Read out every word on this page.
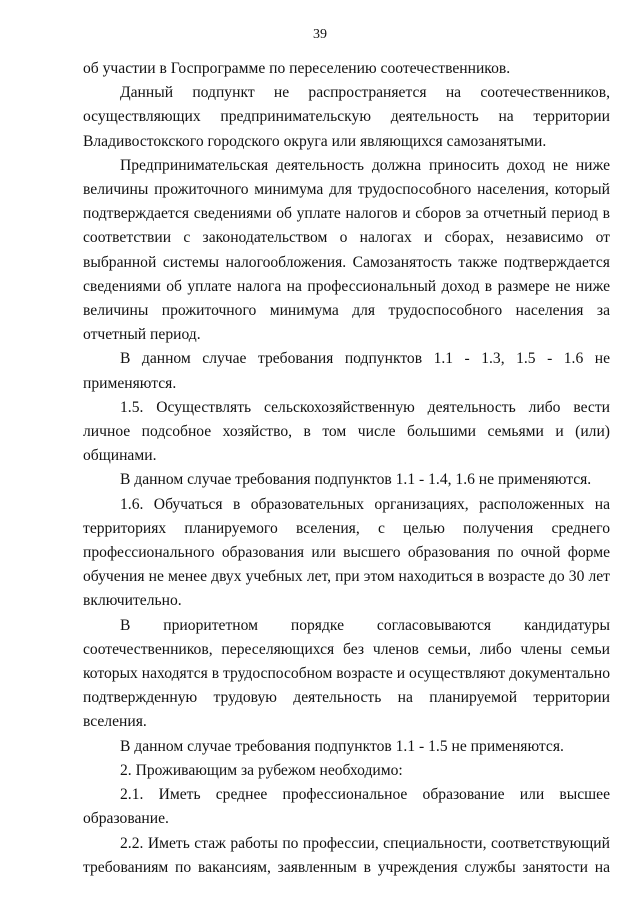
39

об участии в Госпрограмме по переселению соотечественников.

Данный подпункт не распространяется на соотечественников, осуществляющих предпринимательскую деятельность на территории Владивостокского городского округа или являющихся самозанятыми.

Предпринимательская деятельность должна приносить доход не ниже величины прожиточного минимума для трудоспособного населения, который подтверждается сведениями об уплате налогов и сборов за отчетный период в соответствии с законодательством о налогах и сборах, независимо от выбранной системы налогообложения. Самозанятость также подтверждается сведениями об уплате налога на профессиональный доход в размере не ниже величины прожиточного минимума для трудоспособного населения за отчетный период.

В данном случае требования подпунктов 1.1 - 1.3, 1.5 - 1.6 не применяются.

1.5. Осуществлять сельскохозяйственную деятельность либо вести личное подсобное хозяйство, в том числе большими семьями и (или) общинами.

В данном случае требования подпунктов 1.1 - 1.4, 1.6 не применяются.

1.6. Обучаться в образовательных организациях, расположенных на территориях планируемого вселения, с целью получения среднего профессионального образования или высшего образования по очной форме обучения не менее двух учебных лет, при этом находиться в возрасте до 30 лет включительно.

В приоритетном порядке согласовываются кандидатуры соотечественников, переселяющихся без членов семьи, либо члены семьи которых находятся в трудоспособном возрасте и осуществляют документально подтвержденную трудовую деятельность на планируемой территории вселения.

В данном случае требования подпунктов 1.1 - 1.5 не применяются.

2. Проживающим за рубежом необходимо:

2.1. Иметь среднее профессиональное образование или высшее образование.

2.2. Иметь стаж работы по профессии, специальности, соответствующий требованиям по вакансиям, заявленным в учреждения службы занятости на
